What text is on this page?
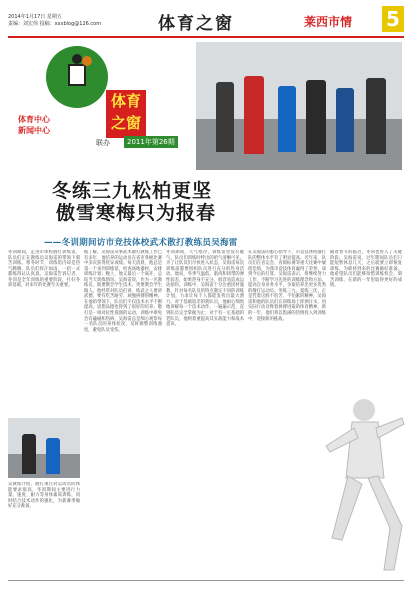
2014年1月17日 星期五
责编：刘宏伟 投稿：xxxblog@126.com	体育之窗	莱西市情 5
体育
之窗
体育中心
新闻中心
联办	2011年第26期
冬练三九松柏更坚
傲雪寒梅只为报春
——冬训期间访市竞技体校武术散打教练员吴海雷
冬训期间，走进市体校散打训练馆，队员们正在教练员吴海雷的带领下刻苦训练。寒冬时节，训练馆内却是热气腾腾，队员们挥汗如雨，一招一式都练得认认真真。吴海雷告诉记者，冬训是全年训练的重要阶段，打好冬训基础，对来年的比赛至关重要。
吴教练介绍，散打项目对运动员的体能要求很高，冬训期间主要进行力量、速度、耐力等身体素质训练，同时结合技术动作的强化，为新赛季做好充分准备。
据了解，吴海雷从事武术散打教练工作已有多年，他培养的运动员在省市各级比赛中多次获得优异成绩。每天清晨，他总是第一个来到训练馆，检查场地器材，安排训练计划；晚上，他又最后一个离开，总结当天训练情况。吴海雷说，作为一名教练员，既要教会学生技术，更要教会学生做人。他经常对队员们讲，练武之人要讲武德，要有吃苦耐劳、顽强拼搏的精神。在他的带领下，队员们不仅技术水平不断提高，思想品德也得到了很好的培养。散打是一项对抗性很强的运动，训练中难免会有磕碰和伤病，吴海雷总是细心观察每一名队员的身体状况，及时调整训练强度，避免队员受伤。
冬训期间，天气寒冷，训练馆里没有暖气，队员们训练时呼出的哈气清晰可见。为了让队员们尽快进入状态，吴海雷每次训练前都要组织队员进行充分的热身活动。他说，冬季气温低，肌肉和韧带的弹性较差，如果热身不充分，很容易造成运动损伤。训练中，吴海雷十分注重因材施教，针对每名队员的特点制定不同的训练计划，力求让每个人都能发挥出最大潜力。对于基础较差的新队员，他耐心细致地讲解每一个技术动作，一遍遍示范，直到队员完全掌握为止；对于有一定基础的老队员，他则着重提高其实战能力和战术意识。
在吴海雷的悉心指导下，市竞技体校散打队的整体水平有了明显提高。近年来，队员们在省运会、省锦标赛等重大比赛中屡创佳绩，为我市竞技体育赢得了荣誉。谈到今后的打算，吴海雷表示，将继续努力工作，不断学习先进的训练理念和方法，提高自身业务水平，争取培养出更多优秀的散打运动员。冬练三九，夏练三伏。正是凭着这股不怕苦、不怕累的精神，吴海雷和他的队员们在训练场上挥洒汗水，用实际行动诠释着拼搏进取的体育精神。新的一年，他们将以饱满的热情投入到训练中，迎接新的挑战。
随着春节的临近，冬训也进入了关键阶段。吴海雷说，过年期间队员们只能短暂休息几天，之后就要立即恢复训练，为即将到来的比赛做好准备。他希望队员们能够珍惜训练机会，刻苦训练，在新的一年里取得更好的成绩。
